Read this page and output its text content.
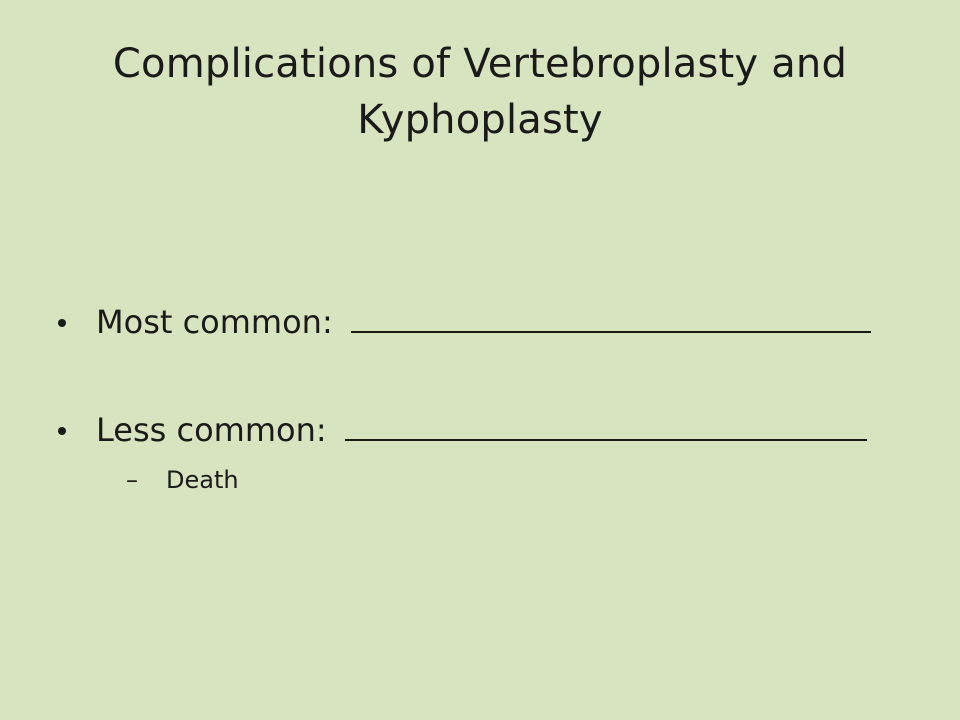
Complications of Vertebroplasty and
Kyphoplasty
Most common:
Less common:
– Death
